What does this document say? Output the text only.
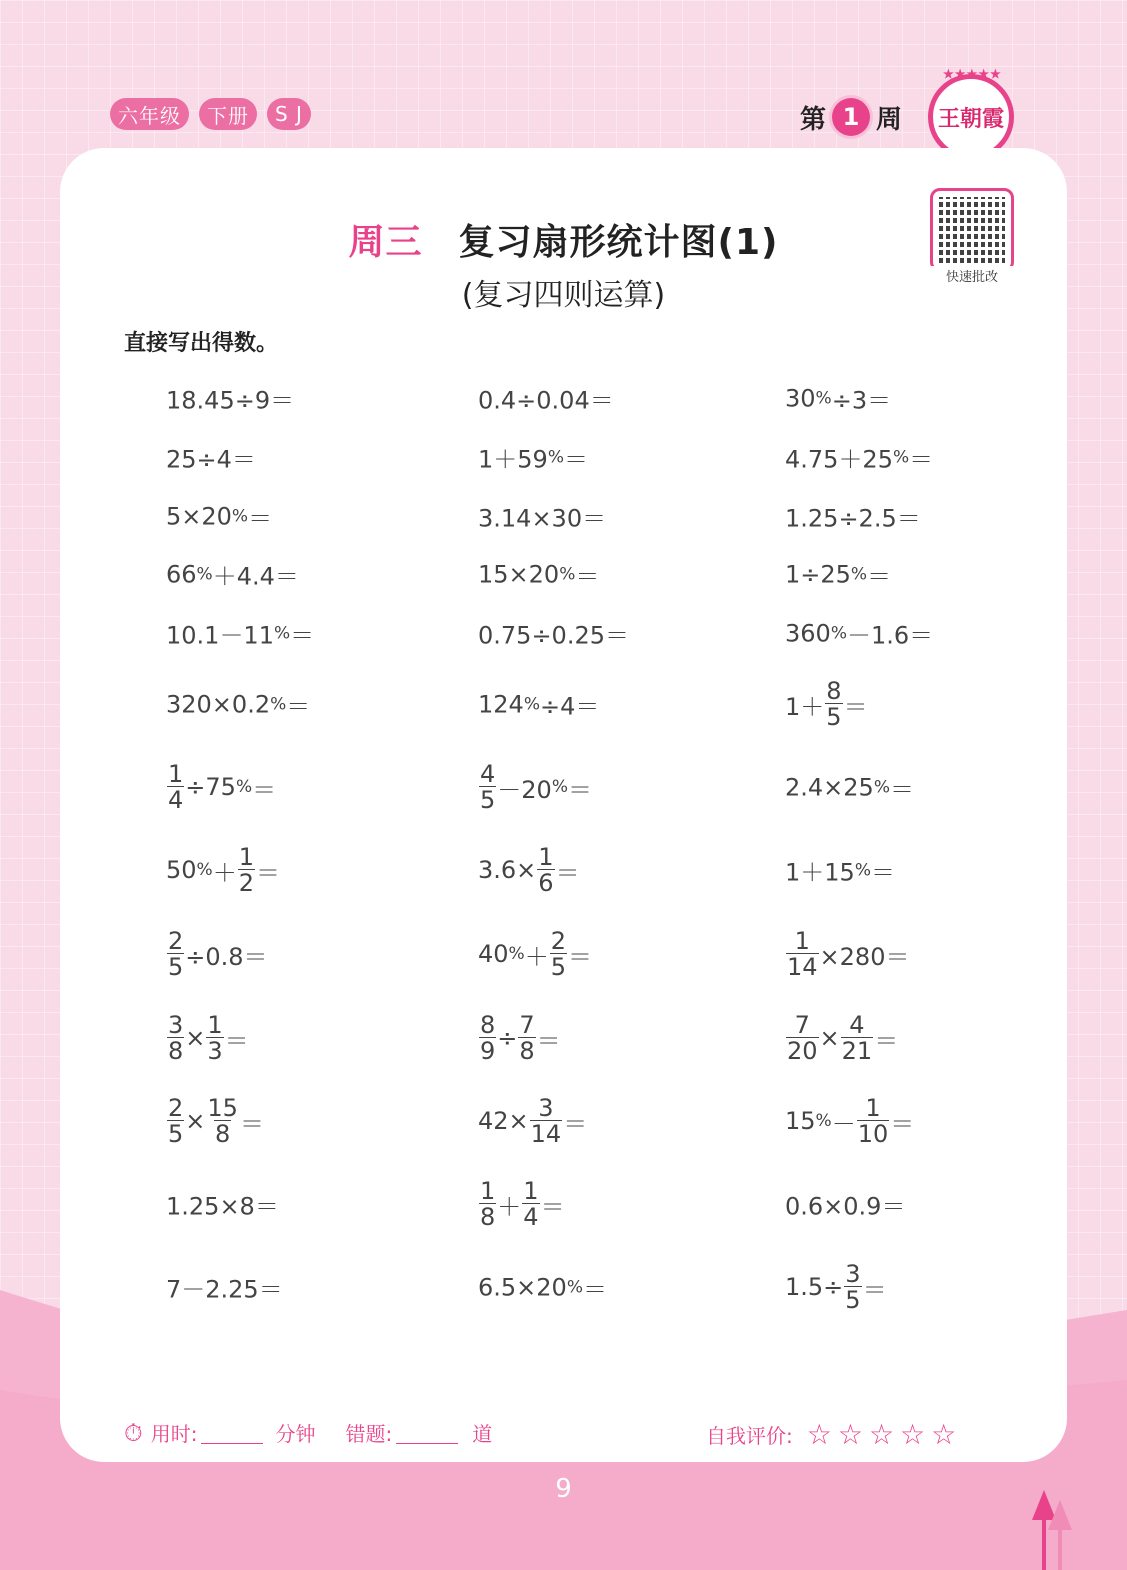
六年级	下册	S J	第 1 周
★★★★★
王朝霞
快速批改
周三 复习扇形统计图(1)
(复习四则运算)
直接写出得数。
18.45÷9＝	0.4÷0.04＝	30 % ÷3＝
25÷4＝	1＋59 % ＝	4.75＋25 % ＝
5×20 % ＝	3.14×30＝	1.25÷2.5＝
66 % ＋4.4＝	15×20 % ＝	1÷25 % ＝
10.1－11 % ＝	0.75÷0.25＝	360 % －1.6＝
320×0.2 % ＝	124 % ÷4＝	$1+ \frac{8}{5}$ ＝
$\frac{1}{4} \div 75$ % ＝	$\frac{4}{5} -20$ % ＝	2.4×25 % ＝
50 % ＋ $\frac{1}{2}$ ＝	$3.6\times \frac{1}{6}$ ＝	1＋15 % ＝
$\frac{2}{5} \div 0.8=$	40 % ＋ $\frac{2}{5}$ ＝	$\frac{1}{14} \times 280=$
$\frac{3}{8} \times \frac{1}{3}$ ＝	$\frac{8}{9} \div \frac{7}{8}$ ＝	$\frac{7}{20} \times \frac{4}{21}$ ＝
$\frac{2}{5} \times \frac{15}{8}$ ＝	$42\times \frac{3}{14}$ ＝	15 % － $\frac{1}{10}$ ＝
1.25×8＝	$\frac{1}{8} + \frac{1}{4}$ ＝	0.6×0.9＝
7－2.25＝	6.5×20 % ＝	$1.5\div \frac{3}{5}$ ＝
⏱ 用时:	分钟 错题:	道	自我评价: ☆☆☆☆☆
9
